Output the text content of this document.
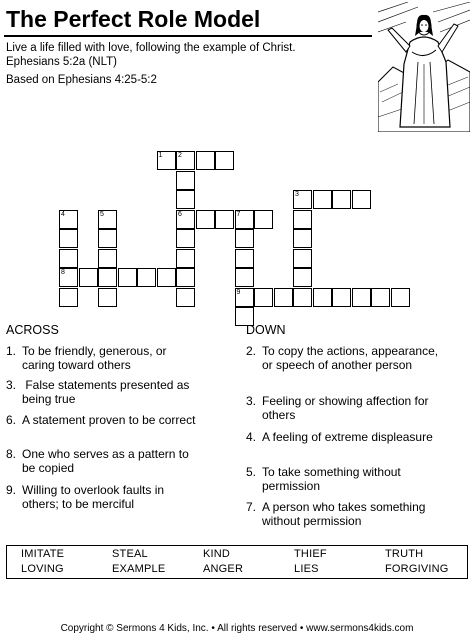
The Perfect Role Model
Live a life filled with love, following the example of Christ.
Ephesians 5:2a (NLT)
Based on Ephesians 4:25-5:2
1 2
6
3
4
8
5	7
9
ACROSS
1. To be friendly, generous, or
caring toward others
3. False statements presented as
being true
6. A statement proven to be correct
8. One who serves as a pattern to
be copied
9. Willing to overlook faults in
others; to be merciful
DOWN
2. To copy the actions, appearance,
or speech of another person
3. Feeling or showing affection for
others
4. A feeling of extreme displeasure
5. To take something without
permission
7. A person who takes something
without permission
IMITATE	STEAL	KIND	THIEF	TRUTH
LOVING	EXAMPLE	ANGER	LIES	FORGIVING
Copyright © Sermons 4 Kids, Inc. • All rights reserved • www.sermons4kids.com
